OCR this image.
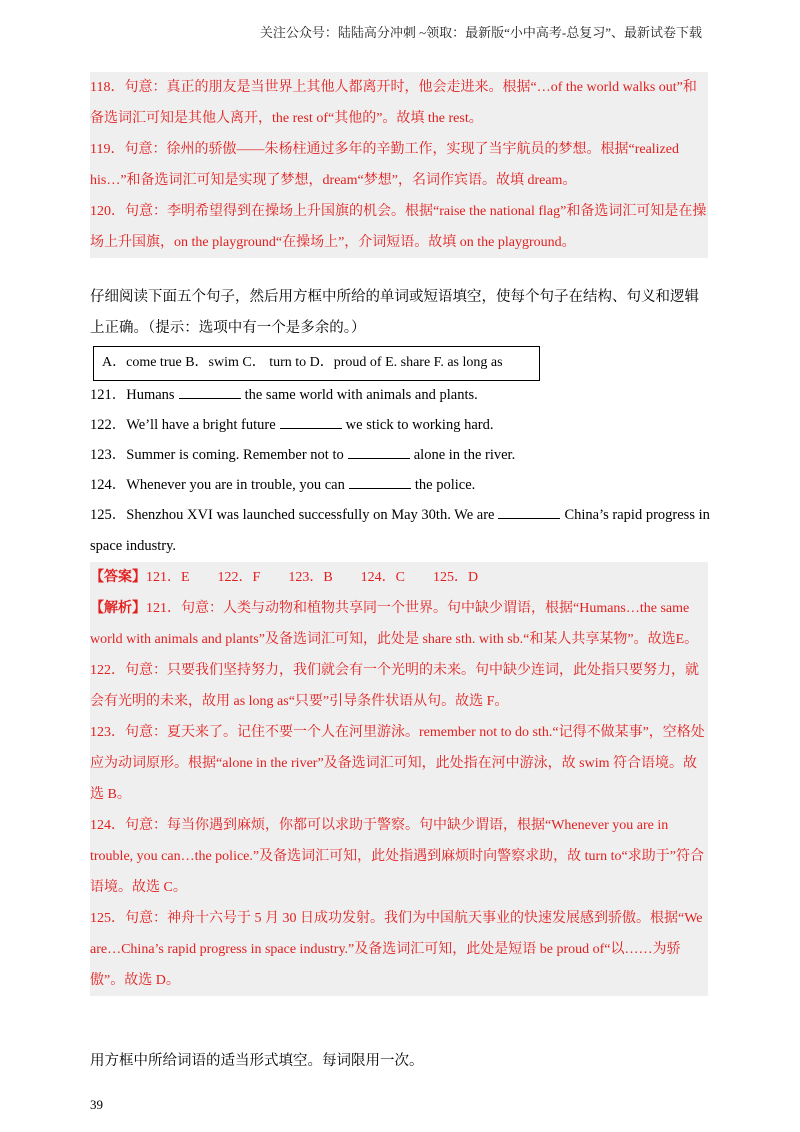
关注公众号：陆陆高分冲刺 ~领取：最新版“小中高考-总复习”、最新试卷下载

118．句意：真正的朋友是当世界上其他人都离开时，他会走进来。根据“…of the world walks out”和备选词汇可知是其他人离开，the rest of“其他的”。故填 the rest。

119．句意：徐州的骄傲——朱杨柱通过多年的辛勤工作，实现了当宇航员的梦想。根据“realized his…”和备选词汇可知是实现了梦想，dream“梦想”，名词作宾语。故填 dream。

120．句意：李明希望得到在操场上升国旗的机会。根据“raise the national flag”和备选词汇可知是在操场上升国旗，on the playground“在操场上”，介词短语。故填 on the playground。

仔细阅读下面五个句子，然后用方框中所给的单词或短语填空，使每个句子在结构、句义和逻辑上正确。（提示：选项中有一个是多余的。）

A．come true B．swim C． turn to D．proud of E. share F. as long as
121．Humans	the same world with animals and plants.
122．We’ll have a bright future	we stick to working hard.
123．Summer is coming. Remember not to	alone in the river.
124．Whenever you are in trouble, you can	the police.
125．Shenzhou XVI was launched successfully on May 30th. We are	China’s rapid progress in space industry.

【答案】121．E        122．F        123．B        124．C        125．D

【解析】121．句意：人类与动物和植物共享同一个世界。句中缺少谓语，根据“Humans…the same world with animals and plants”及备选词汇可知，此处是 share sth. with sb.“和某人共享某物”。故选E。

122．句意：只要我们坚持努力，我们就会有一个光明的未来。句中缺少连词，此处指只要努力，就会有光明的未来，故用 as long as“只要”引导条件状语从句。故选 F。

123．句意：夏天来了。记住不要一个人在河里游泳。remember not to do sth.“记得不做某事”，空格处应为动词原形。根据“alone in the river”及备选词汇可知，此处指在河中游泳，故 swim 符合语境。故选 B。

124．句意：每当你遇到麻烦，你都可以求助于警察。句中缺少谓语，根据“Whenever you are in trouble, you can…the police.”及备选词汇可知，此处指遇到麻烦时向警察求助，故 turn to“求助于”符合语境。故选 C。

125．句意：神舟十六号于 5 月 30 日成功发射。我们为中国航天事业的快速发展感到骄傲。根据“We are…China’s rapid progress in space industry.”及备选词汇可知，此处是短语 be proud of“以……为骄傲”。故选 D。

用方框中所给词语的适当形式填空。每词限用一次。
39
